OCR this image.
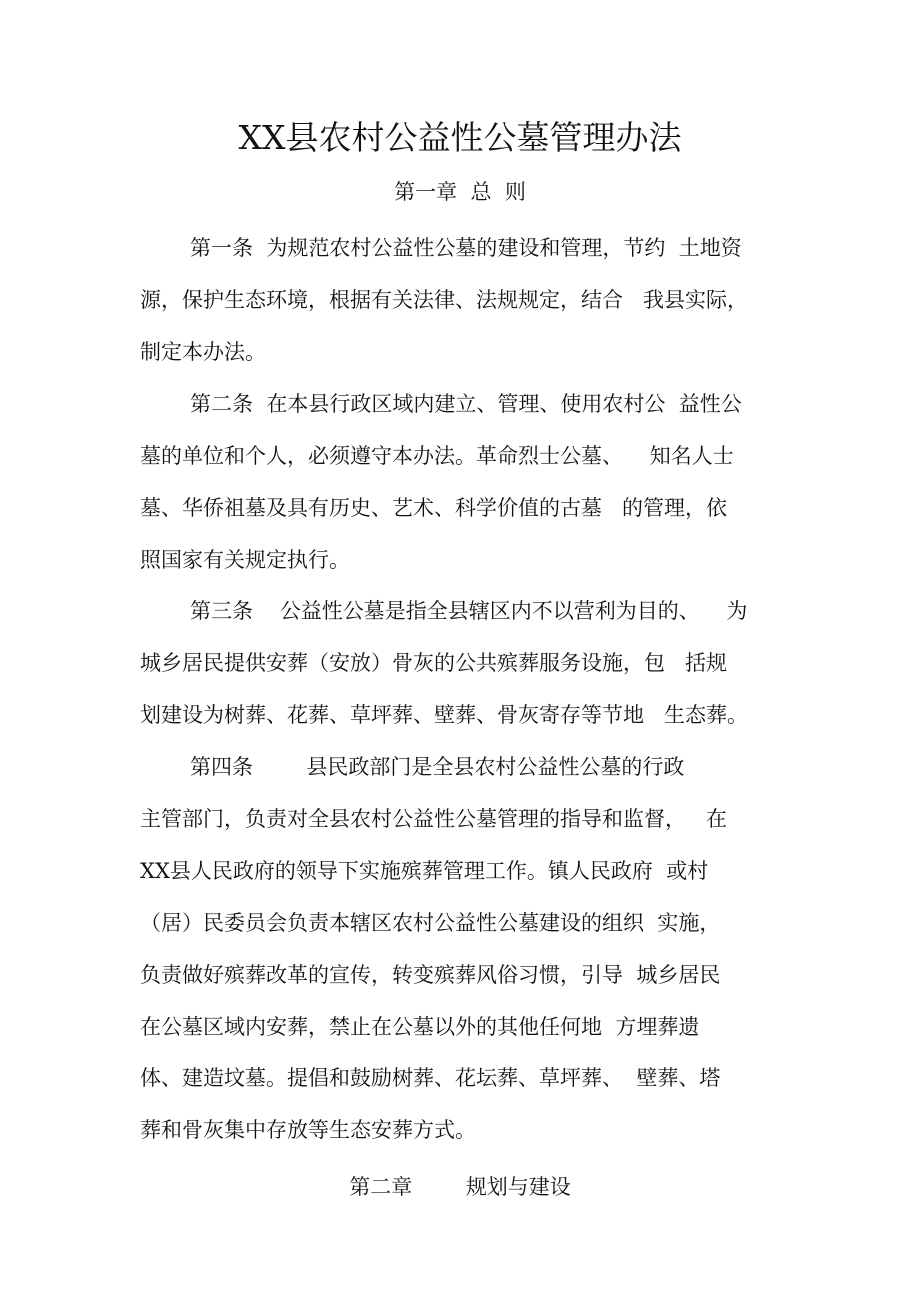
XX县农村公益性公墓管理办法
第一章  总  则
第一条  为规范农村公益性公墓的建设和管理，节约  土地资
源，保护生态环境，根据有关法律、法规规定，结合   我县实际，
制定本办法。
第二条  在本县行政区域内建立、管理、使用农村公  益性公
墓的单位和个人，必须遵守本办法。革命烈士公墓、    知名人士
墓、华侨祖墓及具有历史、艺术、科学价值的古墓   的管理，依
照国家有关规定执行。
第三条    公益性公墓是指全县辖区内不以营利为目的、    为
城乡居民提供安葬（安放）骨灰的公共殡葬服务设施，包   括规
划建设为树葬、花葬、草坪葬、壁葬、骨灰寄存等节地   生态葬。
第四条        县民政部门是全县农村公益性公墓的行政
主管部门，负责对全县农村公益性公墓管理的指导和监督，   在
XX县人民政府的领导下实施殡葬管理工作。镇人民政府  或村
（居）民委员会负责本辖区农村公益性公墓建设的组织  实施，
负责做好殡葬改革的宣传，转变殡葬风俗习惯，引导  城乡居民
在公墓区域内安葬，禁止在公墓以外的其他任何地  方埋葬遗
体、建造坟墓。提倡和鼓励树葬、花坛葬、草坪葬、  壁葬、塔
葬和骨灰集中存放等生态安葬方式。
第二章        规划与建设
